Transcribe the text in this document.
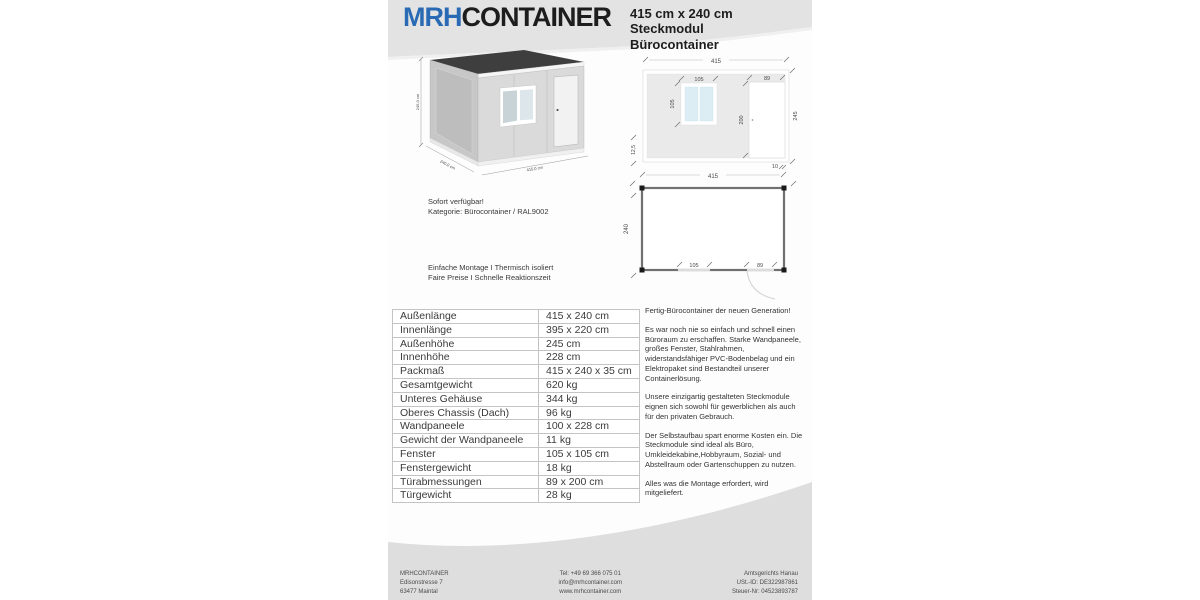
MRHCONTAINER 415 cm x 240 cm Steckmodul
Bürocontainer
245,0 cm
240,0 cm	415,0 cm
415
105
105
89
200	245
12,5
10
415
240
105	89
Sofort verfügbar!
Kategorie: Bürocontainer / RAL9002
Einfache Montage I Thermisch isoliert
Faire Preise I Schnelle Reaktionszeit
Außenlänge	415 x 240 cm
Innenlänge	395 x 220 cm
Außenhöhe	245 cm
Innenhöhe	228 cm
Packmaß	415 x 240 x 35 cm
Gesamtgewicht	620 kg
Unteres Gehäuse	344 kg
Oberes Chassis (Dach)	96 kg
Wandpaneele	100 x 228 cm
Gewicht der Wandpaneele	11 kg
Fenster	105 x 105 cm
Fenstergewicht	18 kg
Türabmessungen	89 x 200 cm
Türgewicht	28 kg

Fertig-Bürocontainer der neuen Generation!

Es war noch nie so einfach und schnell einen Büroraum zu erschaffen. Starke Wandpaneele, großes Fenster, Stahlrahmen, widerstandsfähiger PVC-Bodenbelag und ein Elektropaket sind Bestandteil unserer Containerlösung.

Unsere einzigartig gestalteten Steckmodule eignen sich sowohl für gewerblichen als auch für den privaten Gebrauch.

Der Selbstaufbau spart enorme Kosten ein. Die Steckmodule sind ideal als Büro, Umkleidekabine,Hobbyraum, Sozial- und Abstellraum oder Gartenschuppen zu nutzen.

Alles was die Montage erfordert, wird mitgeliefert.

MRHCONTAINER
Edisonstresse 7
63477 Maintal
Tel: +49 69 366 075 01
info@mrhcontainer.com
www.mrhcontainer.com
Amtsgerichts Hanau
USt.-ID: DE322987861
Steuer-Nr: 04523893787
